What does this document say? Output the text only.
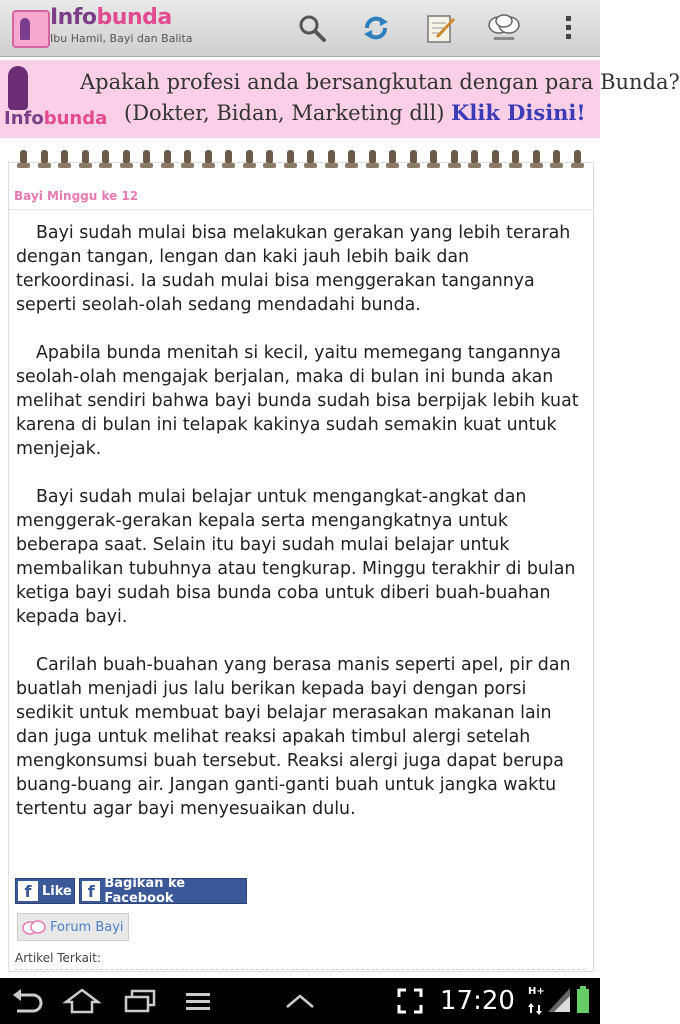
Infobunda
Ibu Hamil, Bayi dan Balita
Infobunda
Apakah profesi anda bersangkutan dengan para Bunda?
(Dokter, Bidan, Marketing dll) Klik Disini!
Bayi Minggu ke 12

Bayi sudah mulai bisa melakukan gerakan yang lebih terarah dengan tangan, lengan dan kaki jauh lebih baik dan terkoordinasi. Ia sudah mulai bisa menggerakan tangannya seperti seolah-olah sedang mendadahi bunda.

Apabila bunda menitah si kecil, yaitu memegang tangannya seolah-olah mengajak berjalan, maka di bulan ini bunda akan melihat sendiri bahwa bayi bunda sudah bisa berpijak lebih kuat karena di bulan ini telapak kakinya sudah semakin kuat untuk menjejak.

Bayi sudah mulai belajar untuk mengangkat-angkat dan menggerak-gerakan kepala serta mengangkatnya untuk beberapa saat. Selain itu bayi sudah mulai belajar untuk membalikan tubuhnya atau tengkurap. Minggu terakhir di bulan ketiga bayi sudah bisa bunda coba untuk diberi buah-buahan kepada bayi.

Carilah buah-buahan yang berasa manis seperti apel, pir dan buatlah menjadi jus lalu berikan kepada bayi dengan porsi sedikit untuk membuat bayi belajar merasakan makanan lain dan juga untuk melihat reaksi apakah timbul alergi setelah mengkonsumsi buah tersebut. Reaksi alergi juga dapat berupa buang-buang air. Jangan ganti-ganti buah untuk jangka waktu tertentu agar bayi menyesuaikan dulu.

f Like f Bagikan ke Facebook
Forum Bayi
Artikel Terkait:
17:20 H+
